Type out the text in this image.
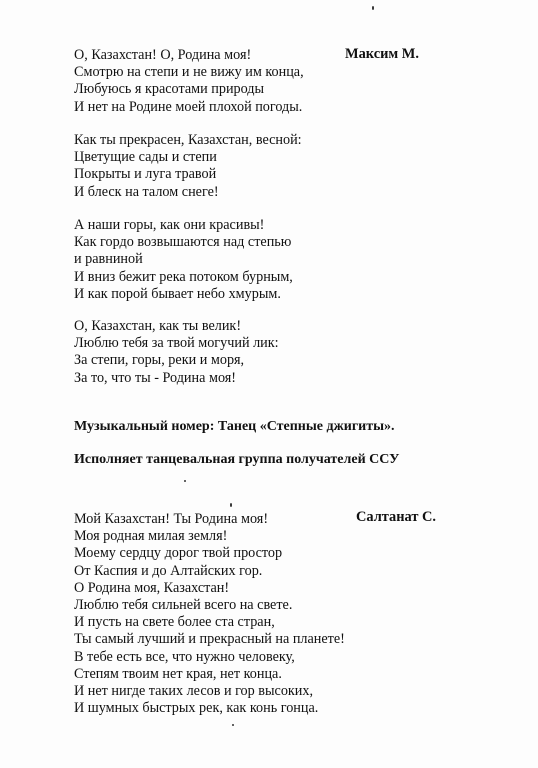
Максим М.
О, Казахстан! О, Родина моя!
Смотрю на степи и не вижу им конца,
Любуюсь я красотами природы
И нет на Родине моей плохой погоды.
Как ты прекрасен, Казахстан, весной:
Цветущие сады и степи
Покрыты и луга травой
И блеск на талом снеге!
А наши горы, как они красивы!
Как гордо возвышаются над степью
и равниной
И вниз бежит река потоком бурным,
И как порой бывает небо хмурым.
О, Казахстан, как ты велик!
Люблю тебя за твой могучий лик:
За степи, горы, реки и моря,
За то, что ты - Родина моя!
Музыкальный номер: Танец «Степные джигиты».
Исполняет танцевальная группа получателей ССУ
Салтанат С.
Мой Казахстан! Ты Родина моя!
Моя родная милая земля!
Моему сердцу дорог твой простор
От Каспия и до Алтайских гор.
О Родина моя, Казахстан!
Люблю тебя сильней всего на свете.
И пусть на свете более ста стран,
Ты самый лучший и прекрасный на планете!
В тебе есть все, что нужно человеку,
Степям твоим нет края, нет конца.
И нет нигде таких лесов и гор высоких,
И шумных быстрых рек, как конь гонца.
